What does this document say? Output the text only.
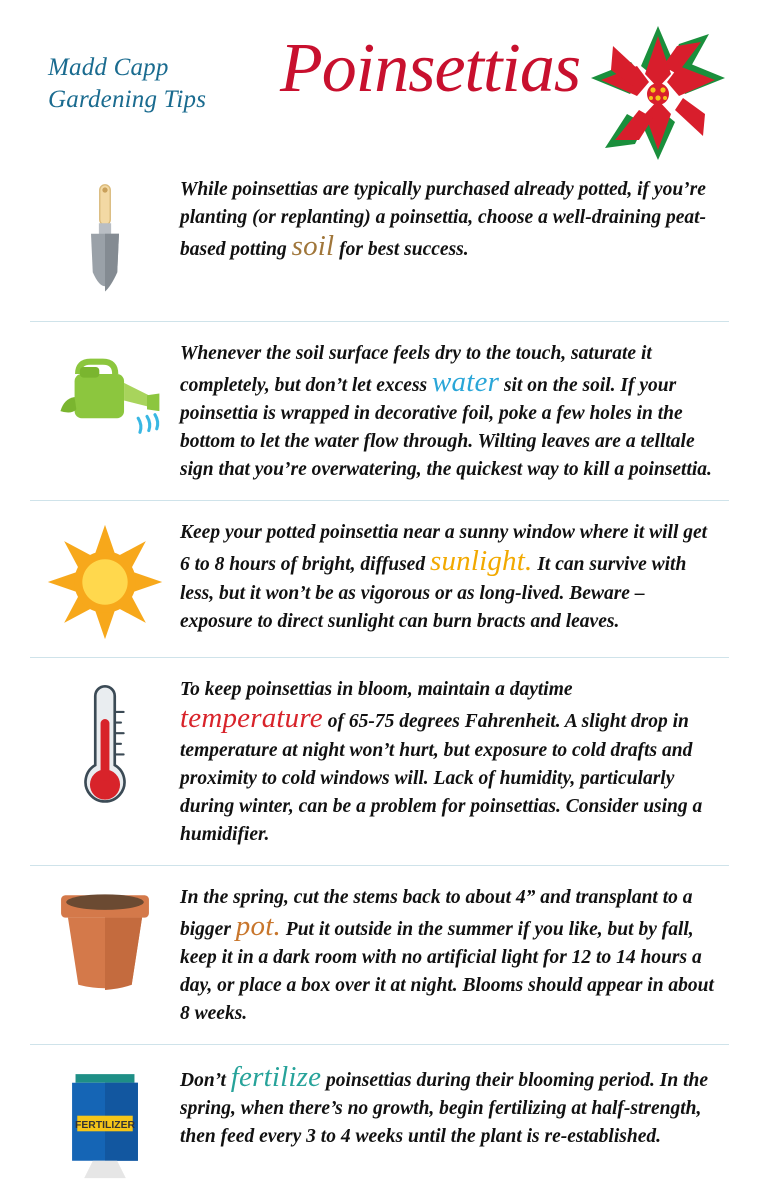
Madd Capp
Gardening Tips Poinsettias
While poinsettias are typically purchased already potted, if you’re planting (or replanting) a poinsettia, choose a well-draining peat-based potting soil for best success.
Whenever the soil surface feels dry to the touch, saturate it completely, but don’t let excess water sit on the soil. If your poinsettia is wrapped in decorative foil, poke a few holes in the bottom to let the water flow through. Wilting leaves are a telltale sign that you’re overwatering, the quickest way to kill a poinsettia.
Keep your potted poinsettia near a sunny window where it will get 6 to 8 hours of bright, diffused sunlight. It can survive with less, but it won’t be as vigorous or as long-lived. Beware – exposure to direct sunlight can burn bracts and leaves.
To keep poinsettias in bloom, maintain a daytime temperature of 65-75 degrees Fahrenheit. A slight drop in temperature at night won’t hurt, but exposure to cold drafts and proximity to cold windows will. Lack of humidity, particularly during winter, can be a problem for poinsettias. Consider using a humidifier.
In the spring, cut the stems back to about 4” and transplant to a bigger pot. Put it outside in the summer if you like, but by fall, keep it in a dark room with no artificial light for 12 to 14 hours a day, or place a box over it at night. Blooms should appear in about 8 weeks.
FERTILIZER
Don’t fertilize poinsettias during their blooming period. In the spring, when there’s no growth, begin fertilizing at half-strength, then feed every 3 to 4 weeks until the plant is re-established.
